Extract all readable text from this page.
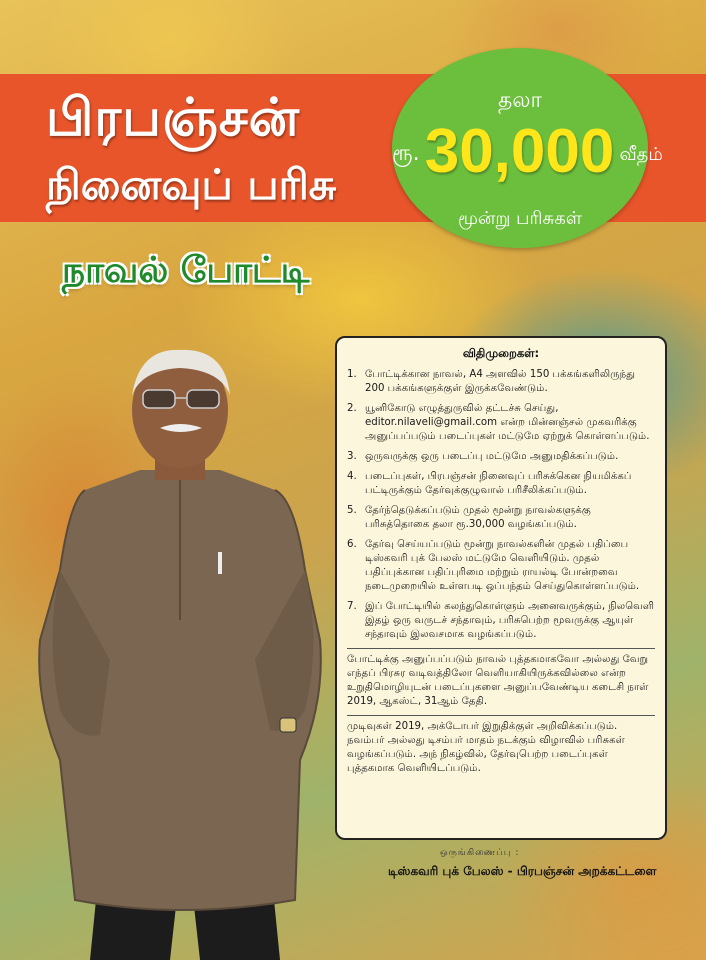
பிரபஞ்சன்
நினைவுப் பரிசு
தலா
ரூ. 30,000 வீதம்
மூன்று பரிசுகள்
நாவல் போட்டி
விதிமுறைகள்:
1. போட்டிக்கான நாவல், A4 அளவில் 150 பக்கங்களிலிருந்து 200 பக்கங்களுக்குள் இருக்கவேண்டும்.
2. யூனிகோடு எழுத்துருவில் தட்டச்சு செய்து, editor.nilaveli@gmail.com என்ற மின்னஞ்சல் முகவரிக்கு அனுப்பப்படும் படைப்புகள் மட்டுமே ஏற்றுக் கொள்ளப்படும்.
3. ஒருவருக்கு ஒரு படைப்பு மட்டுமே அனுமதிக்கப்படும்.
4. படைப்புகள், பிரபஞ்சன் நினைவுப் பரிசுக்கென நியமிக்கப் பட்டிருக்கும் தேர்வுக்குழுவால் பரிசீலிக்கப்படும்.
5. தேர்ந்தெடுக்கப்படும் முதல் மூன்று நாவல்களுக்கு பரிசுத்தொகை தலா ரூ.30,000 வழங்கப்படும்.
6. தேர்வு செய்யப்படும் மூன்று நாவல்களின் முதல் பதிப்பை டிஸ்கவரி புக் பேலஸ் மட்டுமே வெளியிடும். முதல் பதிப்புக்கான பதிப்புரிமை மற்றும் ராயல்டி போன்றவை நடைமுறையில் உள்ளபடி ஒப்பந்தம் செய்துகொள்ளப்படும்.
7. இப் போட்டியில் கலந்துகொள்ளும் அனைவருக்கும், நிலவெளி இதழ் ஒரு வருடச் சந்தாவும், பரிசுபெற்ற மூவருக்கு ஆயுள் சந்தாவும் இலவசமாக வழங்கப்படும்.
போட்டிக்கு அனுப்பப்படும் நாவல் புத்தகமாகவோ அல்லது வேறு எந்தப் பிரசுர வடிவத்திலோ வெளியாகியிருக்கவில்லை என்ற உறுதிமொழியுடன் படைப்புகளை அனுப்பவேண்டிய கடைசி நாள் 2019, ஆகஸ்ட், 31ஆம் தேதி.
முடிவுகள் 2019, அக்டோபர் இறுதிக்குள் அறிவிக்கப்படும். நவம்பர் அல்லது டிசம்பர் மாதம் நடக்கும் விழாவில் பரிசுகள் வழங்கப்படும். அந் நிகழ்வில், தேர்வுபெற்ற படைப்புகள் புத்தகமாக வெளியிடப்படும்.
ஒருங்கிணைப்பு :
டிஸ்கவரி புக் பேலஸ் - பிரபஞ்சன் அறக்கட்டளை
